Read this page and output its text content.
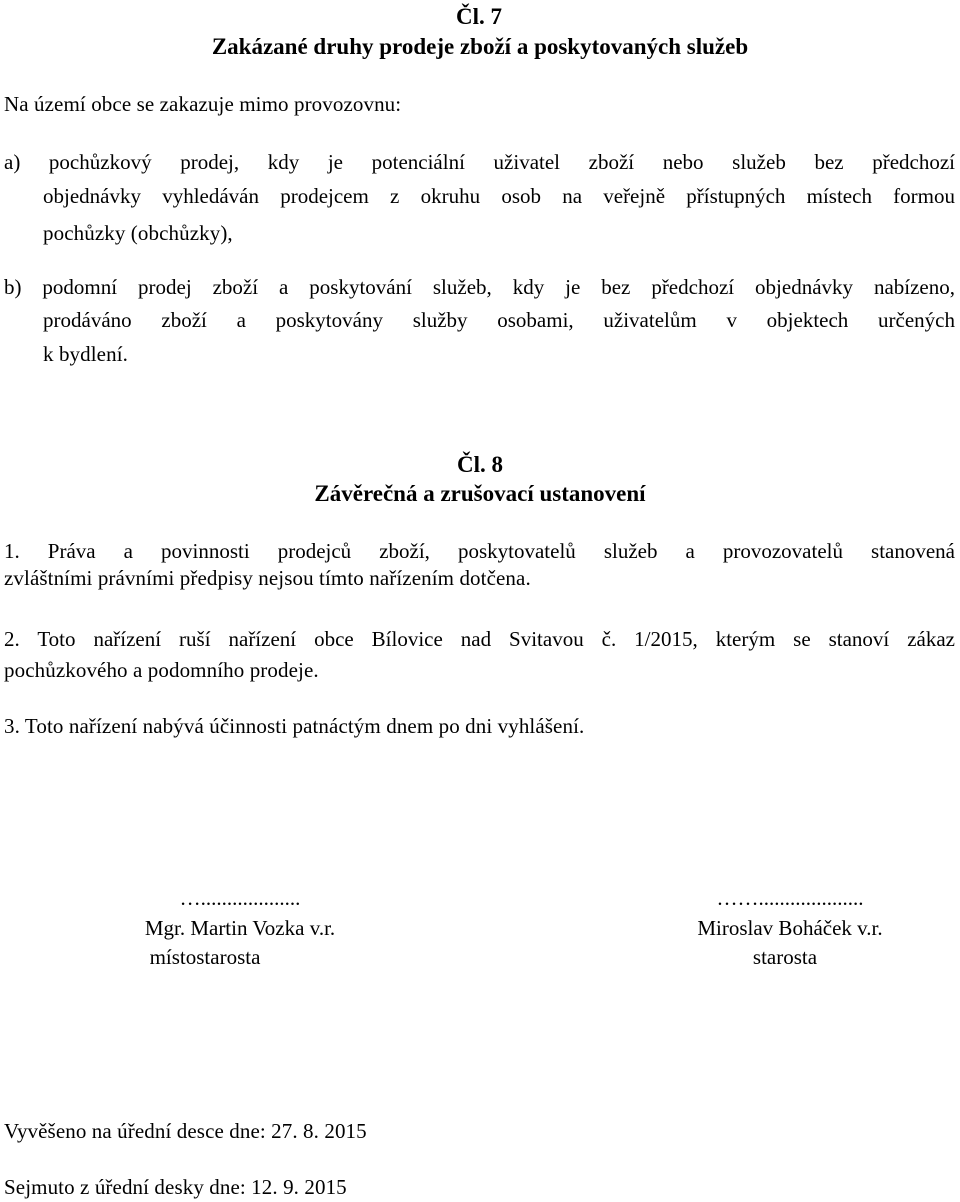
Čl. 7
Zakázané druhy prodeje zboží a poskytovaných služeb
Na území obce se zakazuje mimo provozovnu:
a) pochůzkový prodej, kdy je potenciální uživatel zboží nebo služeb bez předchozí
objednávky vyhledáván prodejcem z okruhu osob na veřejně přístupných místech formou
pochůzky (obchůzky),
b) podomní prodej zboží a poskytování služeb, kdy je bez předchozí objednávky nabízeno,
prodáváno zboží a poskytovány služby osobami, uživatelům v objektech určených
k bydlení.
Čl. 8
Závěrečná a zrušovací ustanovení
1. Práva a povinnosti prodejců zboží, poskytovatelů služeb a provozovatelů stanovená
zvláštními právními předpisy nejsou tímto nařízením dotčena.
2. Toto nařízení ruší nařízení obce Bílovice nad Svitavou č. 1/2015, kterým se stanoví zákaz
pochůzkového a podomního prodeje.
3. Toto nařízení nabývá účinnosti patnáctým dnem po dni vyhlášení.
…...................
Mgr. Martin Vozka v.r.
místostarosta
……....................
Miroslav Boháček v.r.
starosta
Vyvěšeno na úřední desce dne: 27. 8. 2015
Sejmuto z úřední desky dne: 12. 9. 2015
